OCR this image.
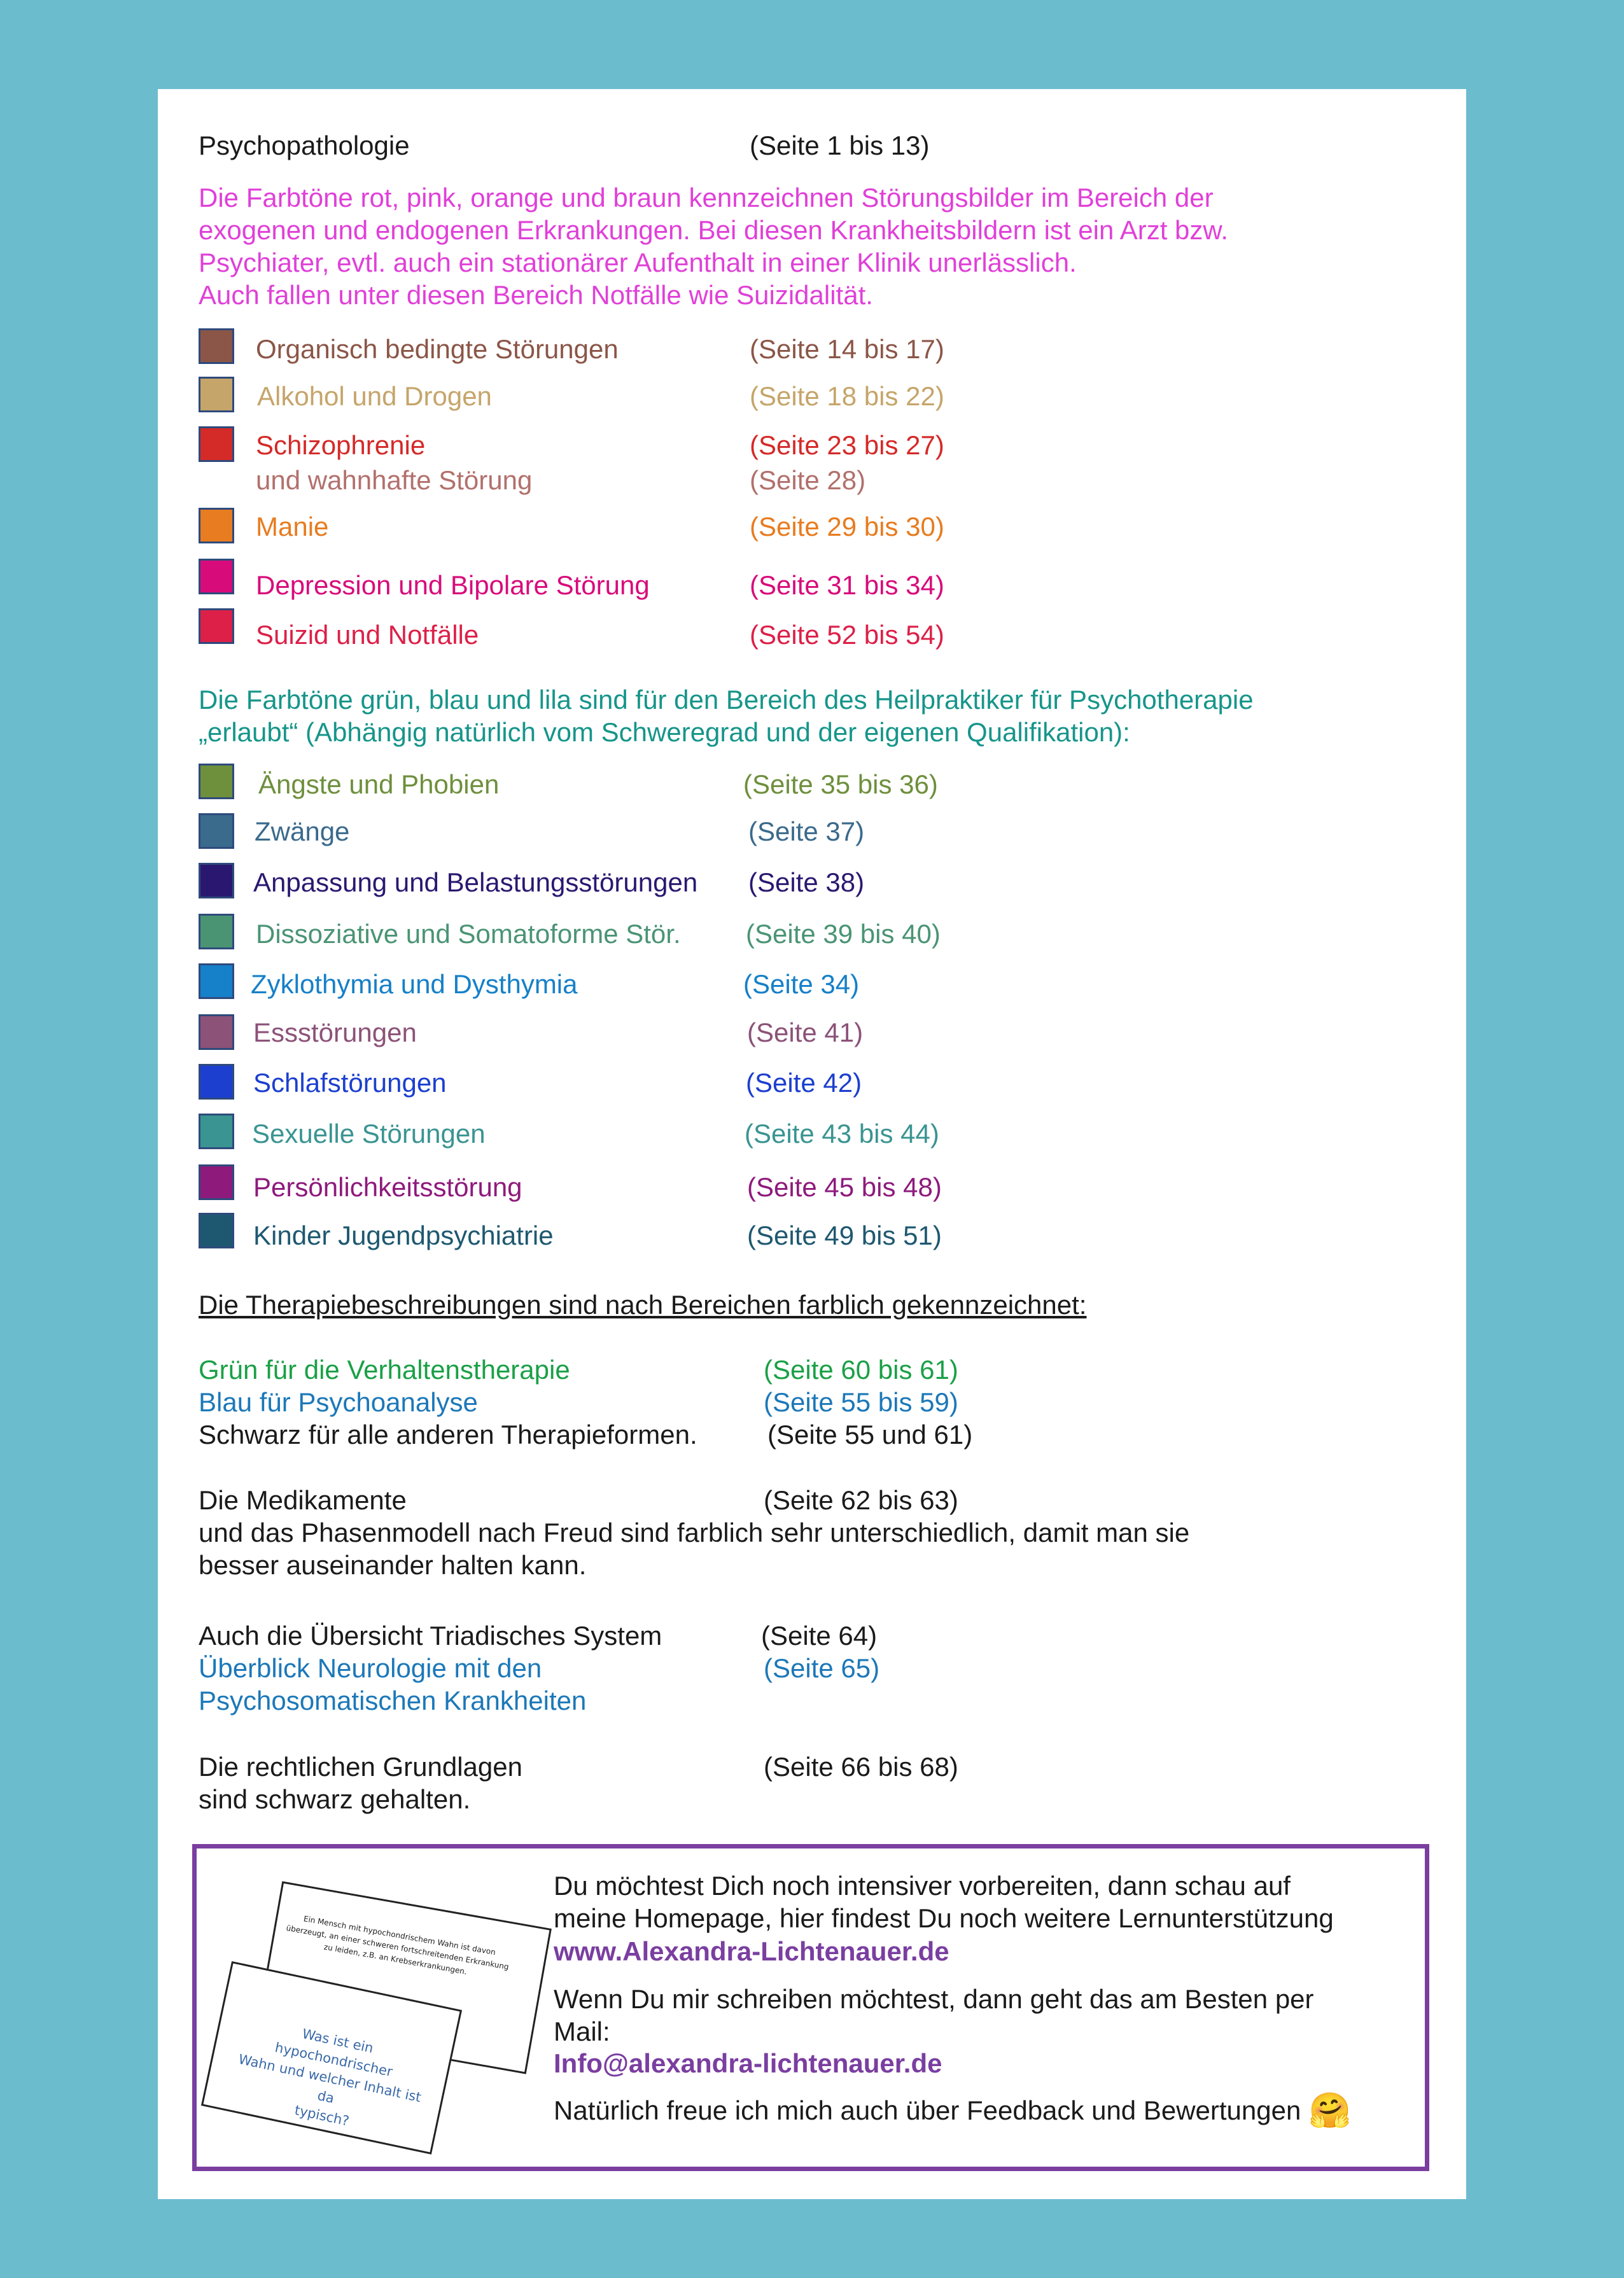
Psychopathologie	(Seite 1 bis 13)
Die Farbtöne rot, pink, orange und braun kennzeichnen Störungsbilder im Bereich der
exogenen und endogenen Erkrankungen. Bei diesen Krankheitsbildern ist ein Arzt bzw.
Psychiater, evtl. auch ein stationärer Aufenthalt in einer Klinik unerlässlich.
Auch fallen unter diesen Bereich Notfälle wie Suizidalität.
Organisch bedingte Störungen	(Seite 14 bis 17)
Alkohol und Drogen	(Seite 18 bis 22)
Schizophrenie	(Seite 23 bis 27)
und wahnhafte Störung	(Seite 28)
Manie	(Seite 29 bis 30)
Depression und Bipolare Störung	(Seite 31 bis 34)
Suizid und Notfälle	(Seite 52 bis 54)
Die Farbtöne grün, blau und lila sind für den Bereich des Heilpraktiker für Psychotherapie
„erlaubt“ (Abhängig natürlich vom Schweregrad und der eigenen Qualifikation):
Ängste und Phobien	(Seite 35 bis 36)
Zwänge	(Seite 37)
Anpassung und Belastungsstörungen (Seite 38)
Dissoziative und Somatoforme Stör. (Seite 39 bis 40)
Zyklothymia und Dysthymia	(Seite 34)
Essstörungen	(Seite 41)
Schlafstörungen	(Seite 42)
Sexuelle Störungen	(Seite 43 bis 44)
Persönlichkeitsstörung	(Seite 45 bis 48)
Kinder Jugendpsychiatrie	(Seite 49 bis 51)
Die Therapiebeschreibungen sind nach Bereichen farblich gekennzeichnet:
Grün für die Verhaltenstherapie	(Seite 60 bis 61)
Blau für Psychoanalyse	(Seite 55 bis 59)
Schwarz für alle anderen Therapieformen.	(Seite 55 und 61)
Die Medikamente	(Seite 62 bis 63)
und das Phasenmodell nach Freud sind farblich sehr unterschiedlich, damit man sie
besser auseinander halten kann.
Auch die Übersicht Triadisches System	(Seite 64)
Überblick Neurologie mit den	(Seite 65)
Psychosomatischen Krankheiten
Die rechtlichen Grundlagen	(Seite 66 bis 68)
sind schwarz gehalten.
Ein Mensch mit hypochondrischem Wahn ist davon
überzeugt, an einer schweren fortschreitenden Erkrankung
zu leiden, z.B. an Krebserkrankungen.
Was ist ein hypochondrischer
Wahn und welcher Inhalt ist da
typisch?
Du möchtest Dich noch intensiver vorbereiten, dann schau auf
meine Homepage, hier findest Du noch weitere Lernunterstützung
www.Alexandra-Lichtenauer.de
Wenn Du mir schreiben möchtest, dann geht das am Besten per
Mail:
Info@alexandra-lichtenauer.de
Natürlich freue ich mich auch über Feedback und Bewertungen 🤗
